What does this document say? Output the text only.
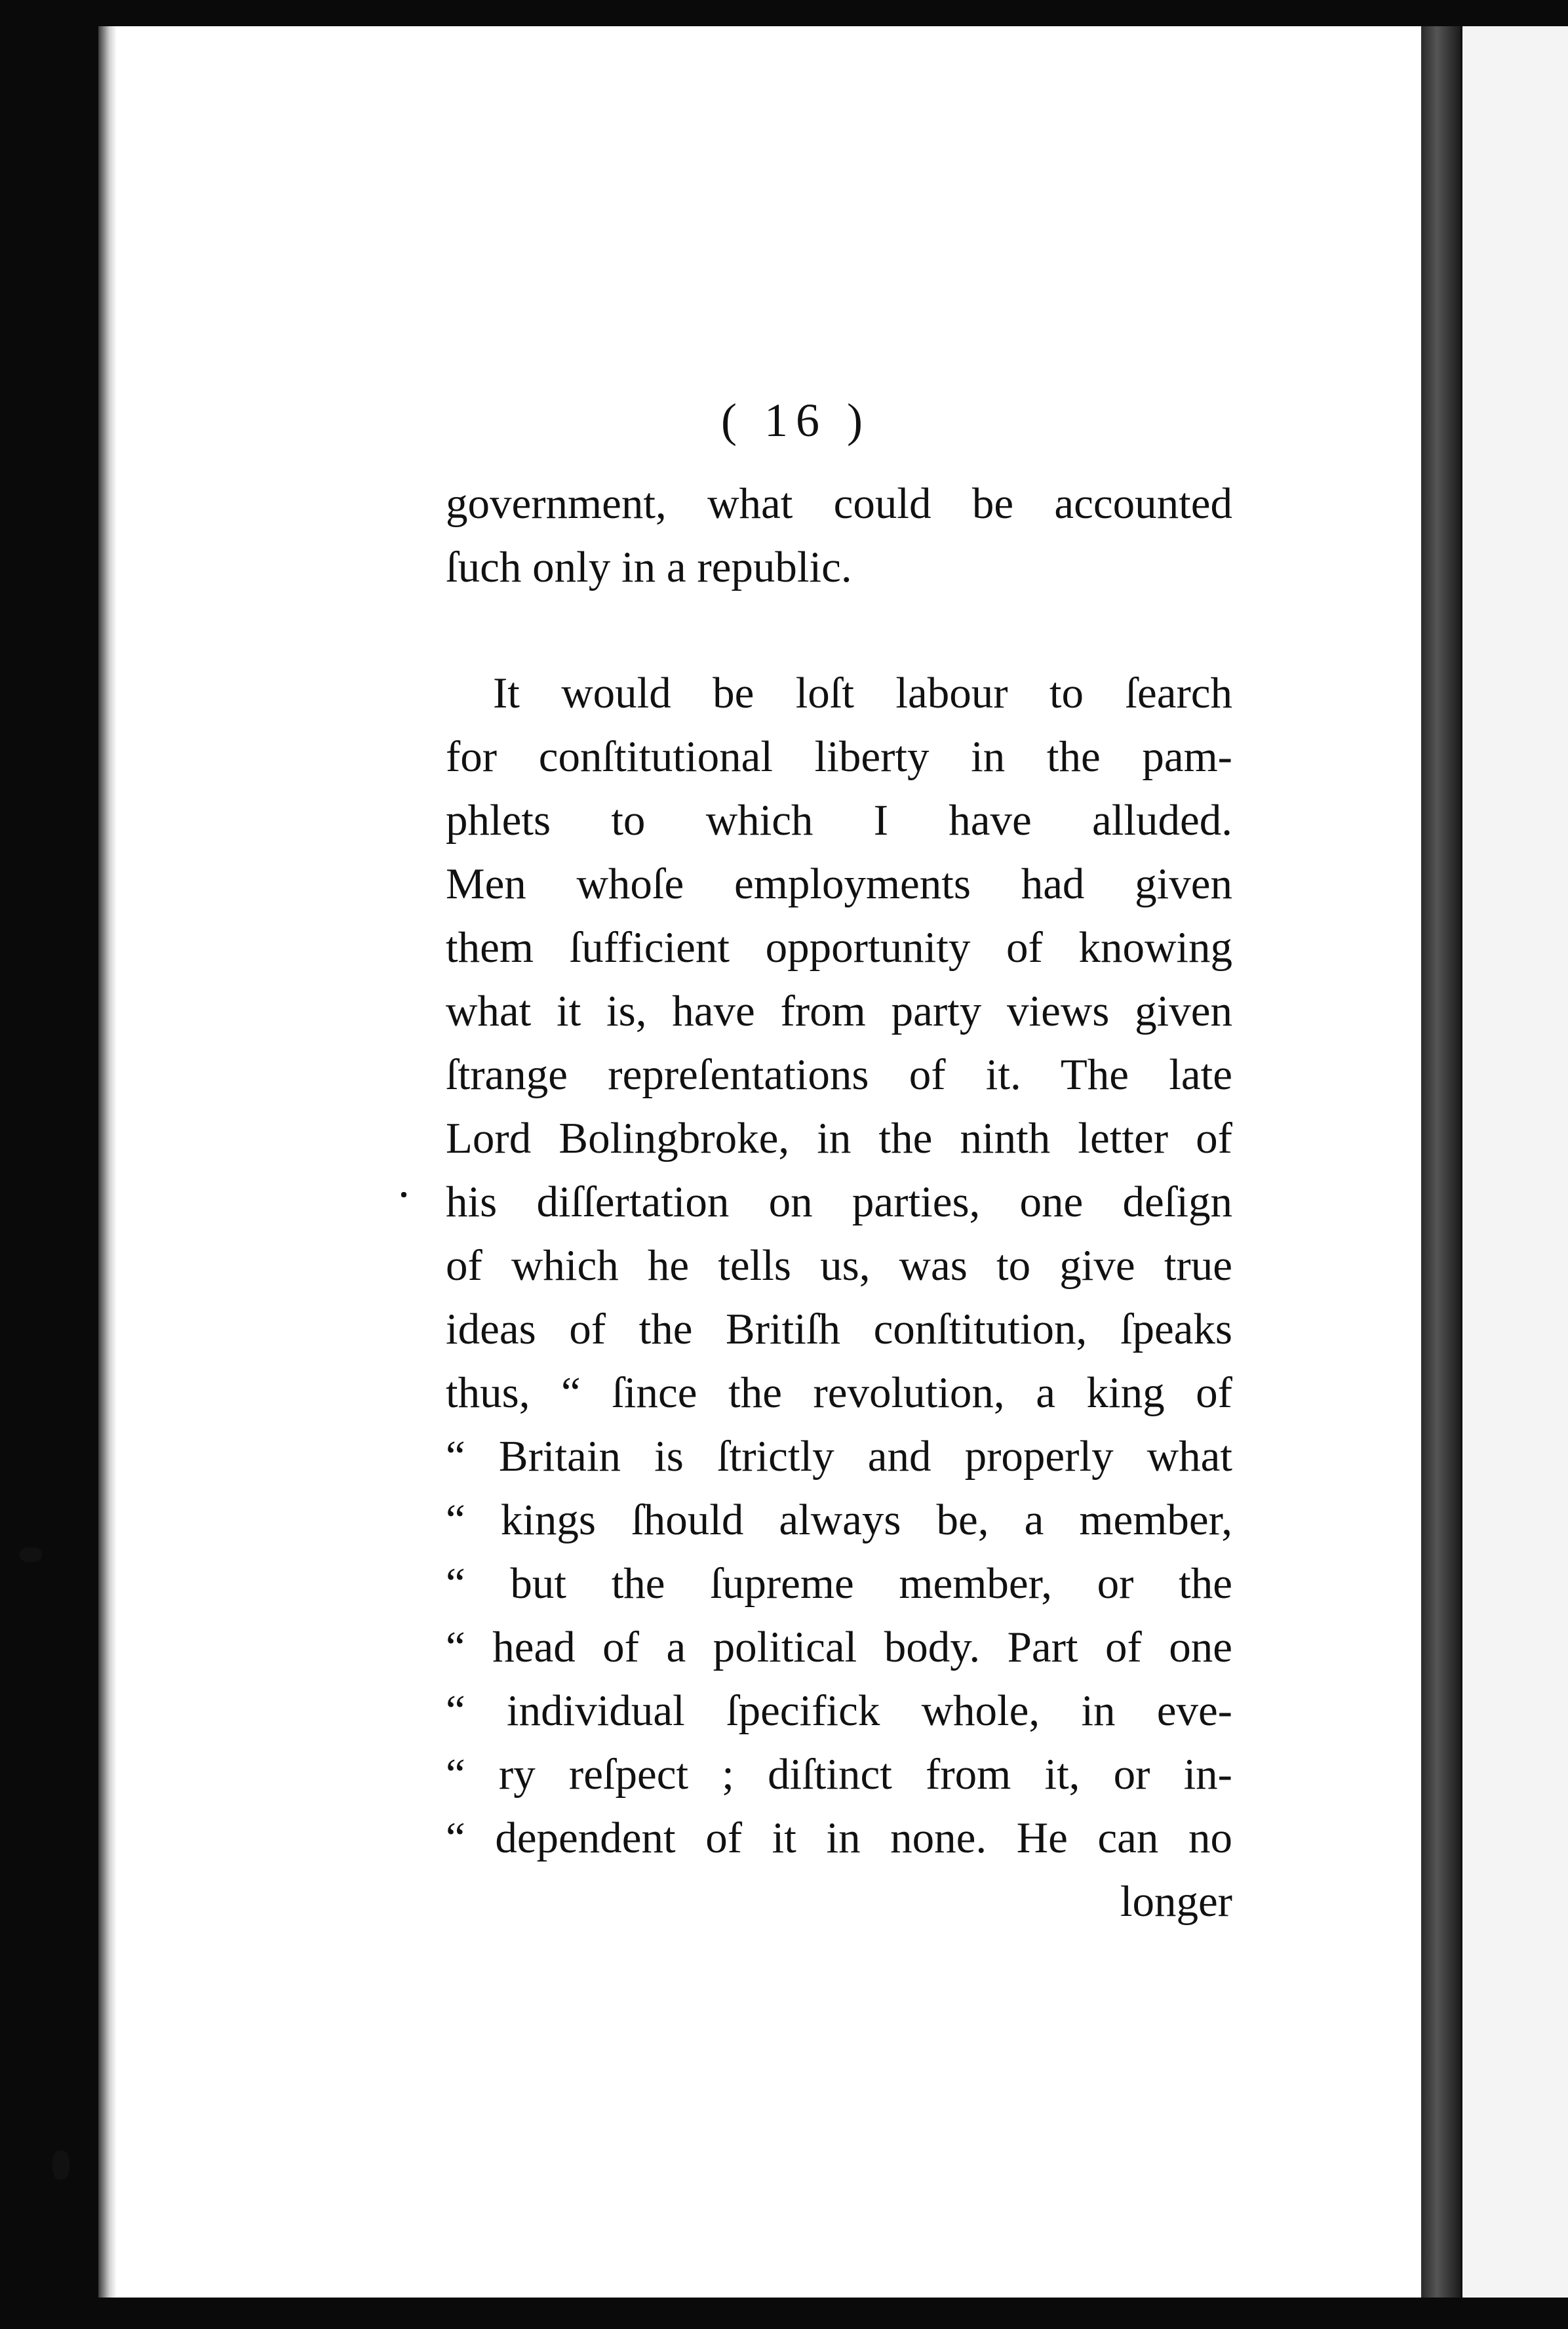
( 16 )
government, what could be accounted
ſuch only in a republic.
It would be loſt labour to ſearch
for conſtitutional liberty in the pam-
phlets to which I have alluded.
Men whoſe employments had given
them ſufficient opportunity of knowing
what it is, have from party views given
ſtrange repreſentations of it. The late
Lord Bolingbroke, in the ninth letter of
his diſſertation on parties, one deſign
of which he tells us, was to give true
ideas of the Britiſh conſtitution, ſpeaks
thus, “ ſince the revolution, a king of
“ Britain is ſtrictly and properly what
“ kings ſhould always be, a member,
“ but the ſupreme member, or the
“ head of a political body. Part of one
“ individual ſpecifick whole, in eve-
“ ry reſpect ; diſtinct from it, or in-
“ dependent of it in none. He can no
longer
